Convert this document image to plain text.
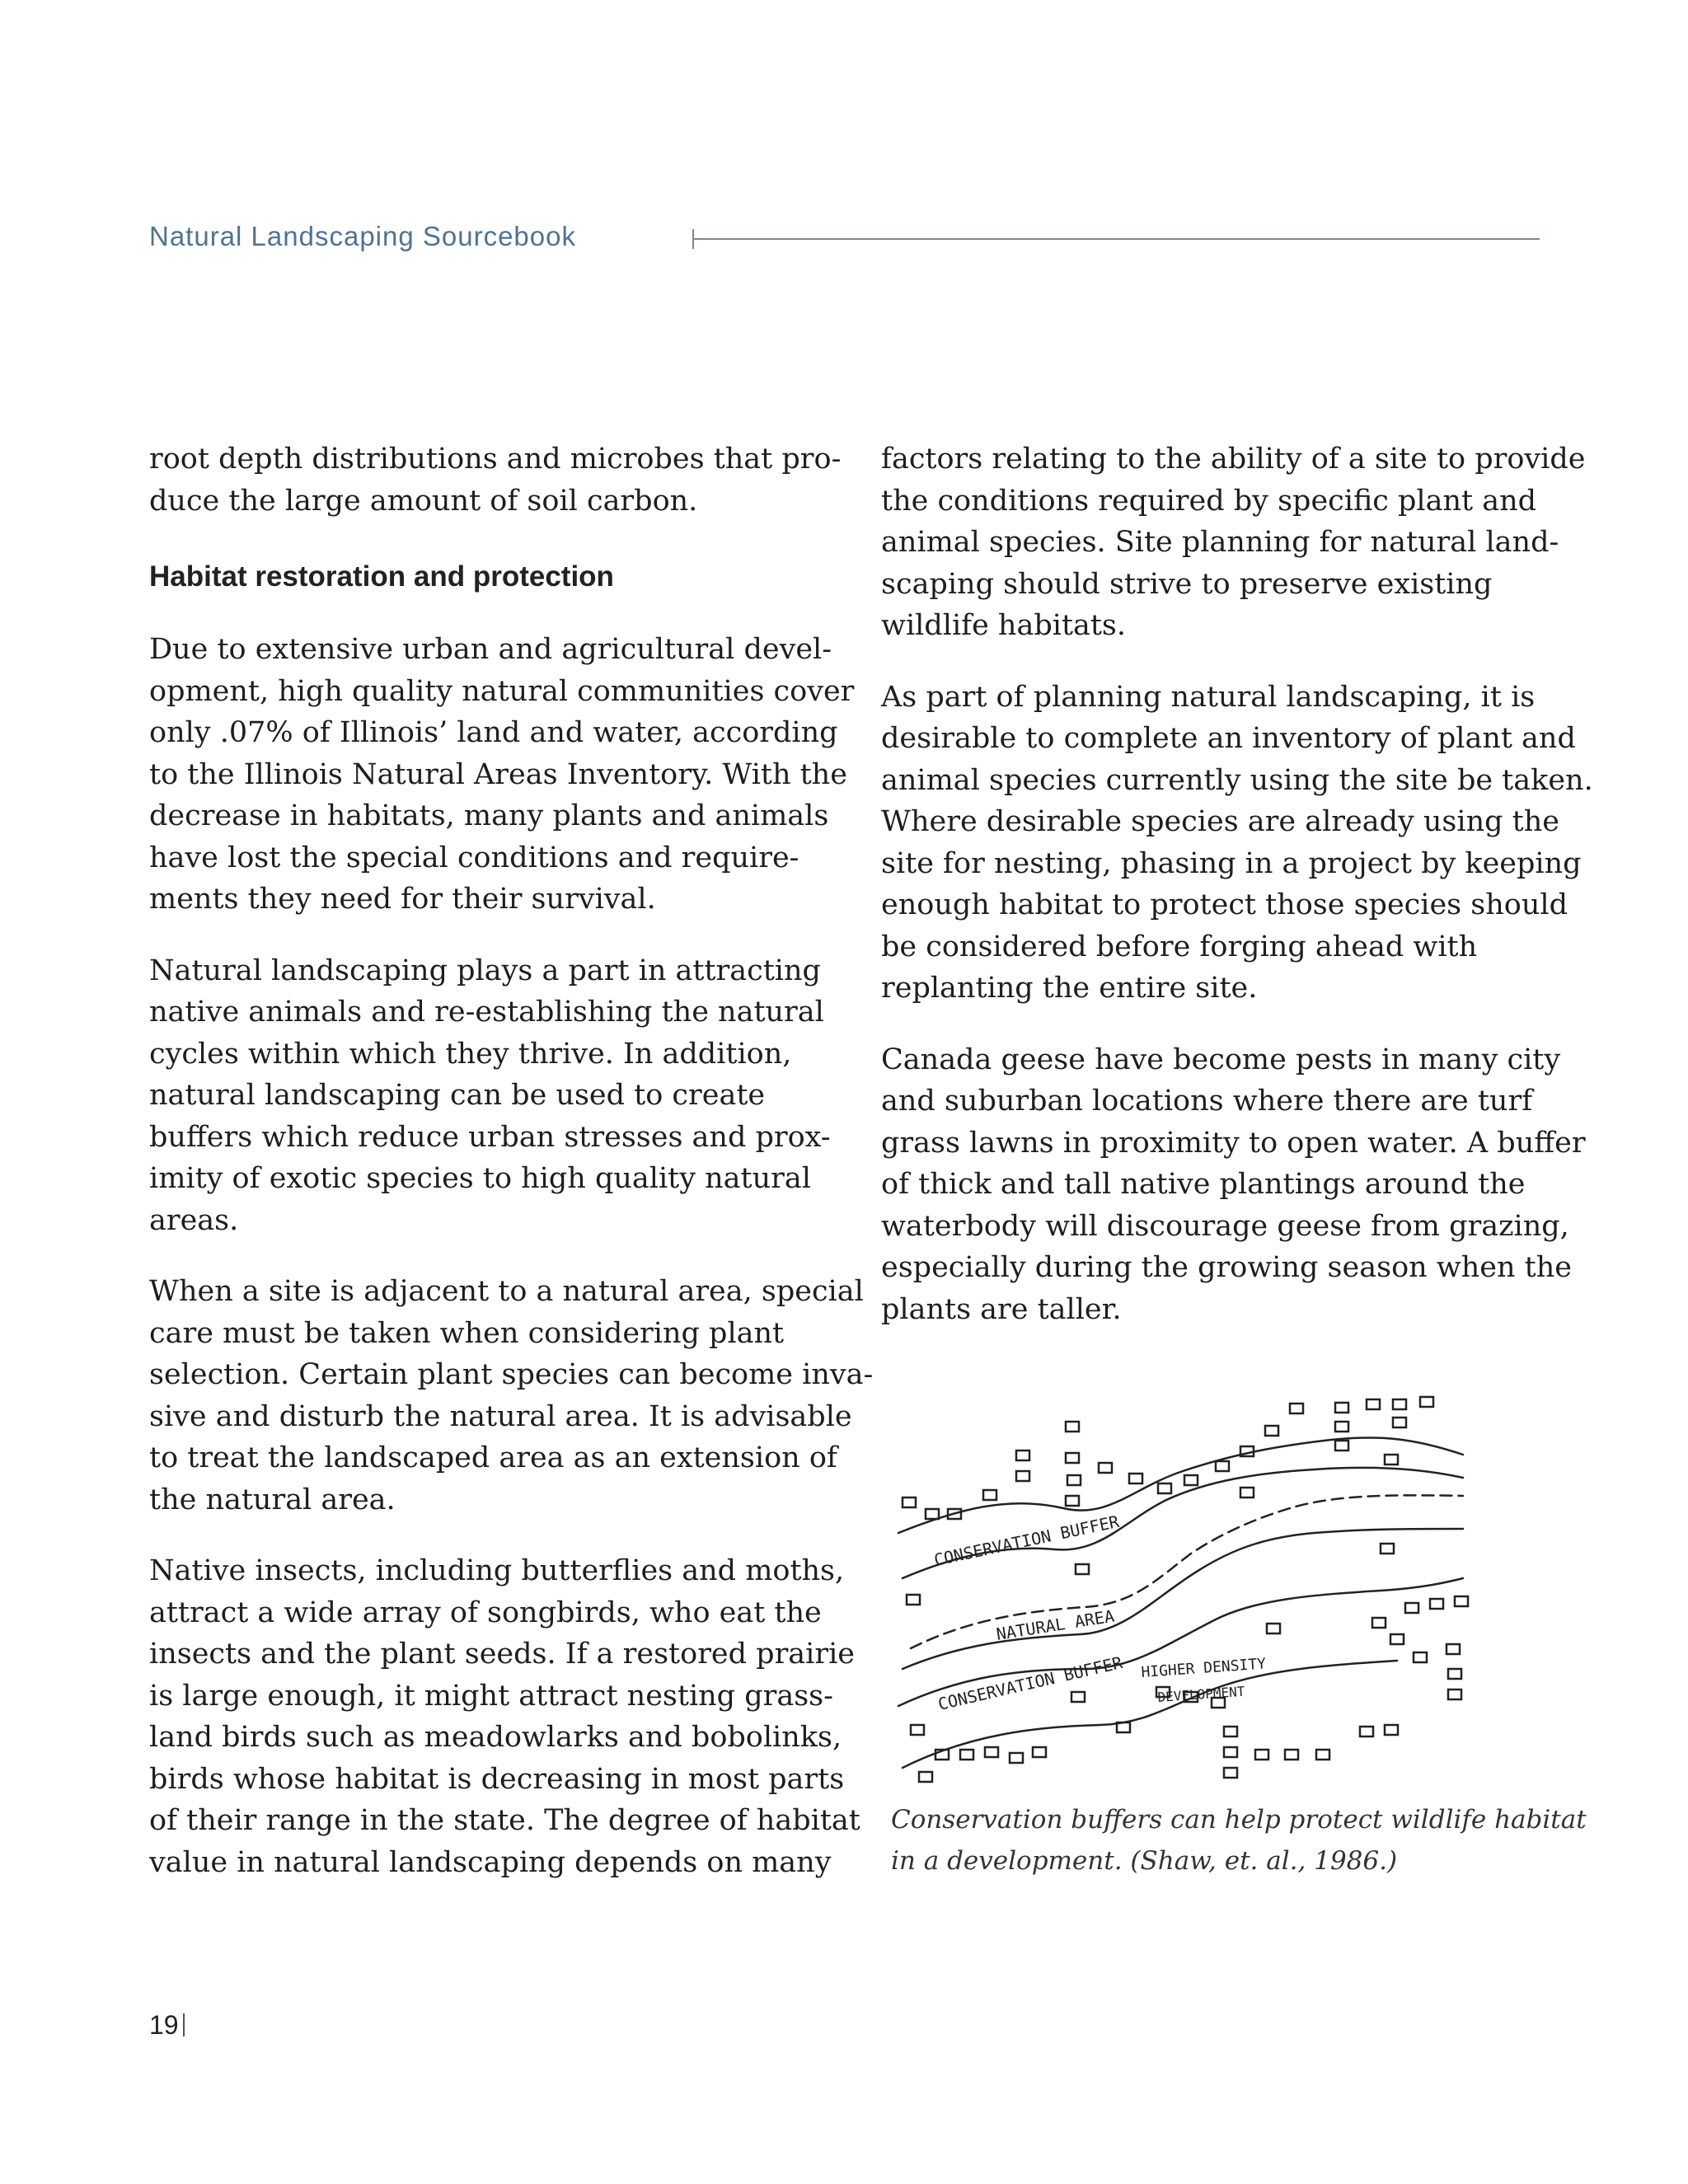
Natural Landscaping Sourcebook
root depth distributions and microbes that pro-
duce the large amount of soil carbon.
Habitat restoration and protection
Due to extensive urban and agricultural devel-
opment, high quality natural communities cover
only .07% of Illinois’ land and water, according
to the Illinois Natural Areas Inventory. With the
decrease in habitats, many plants and animals
have lost the special conditions and require-
ments they need for their survival.
Natural landscaping plays a part in attracting
native animals and re-establishing the natural
cycles within which they thrive. In addition,
natural landscaping can be used to create
buffers which reduce urban stresses and prox-
imity of exotic species to high quality natural
areas.
When a site is adjacent to a natural area, special
care must be taken when considering plant
selection. Certain plant species can become inva-
sive and disturb the natural area. It is advisable
to treat the landscaped area as an extension of
the natural area.
Native insects, including butterflies and moths,
attract a wide array of songbirds, who eat the
insects and the plant seeds. If a restored prairie
is large enough, it might attract nesting grass-
land birds such as meadowlarks and bobolinks,
birds whose habitat is decreasing in most parts
of their range in the state. The degree of habitat
value in natural landscaping depends on many
factors relating to the ability of a site to provide
the conditions required by specific plant and
animal species. Site planning for natural land-
scaping should strive to preserve existing
wildlife habitats.
As part of planning natural landscaping, it is
desirable to complete an inventory of plant and
animal species currently using the site be taken.
Where desirable species are already using the
site for nesting, phasing in a project by keeping
enough habitat to protect those species should
be considered before forging ahead with
replanting the entire site.
Canada geese have become pests in many city
and suburban locations where there are turf
grass lawns in proximity to open water. A buffer
of thick and tall native plantings around the
waterbody will discourage geese from grazing,
especially during the growing season when the
plants are taller.
CONSERVATION BUFFER
NATURAL AREA
CONSERVATION BUFFER HIGHER DENSITY
DEVELOPMENT
Conservation buffers can help protect wildlife habitat
in a development. (Shaw, et. al., 1986.)
19
